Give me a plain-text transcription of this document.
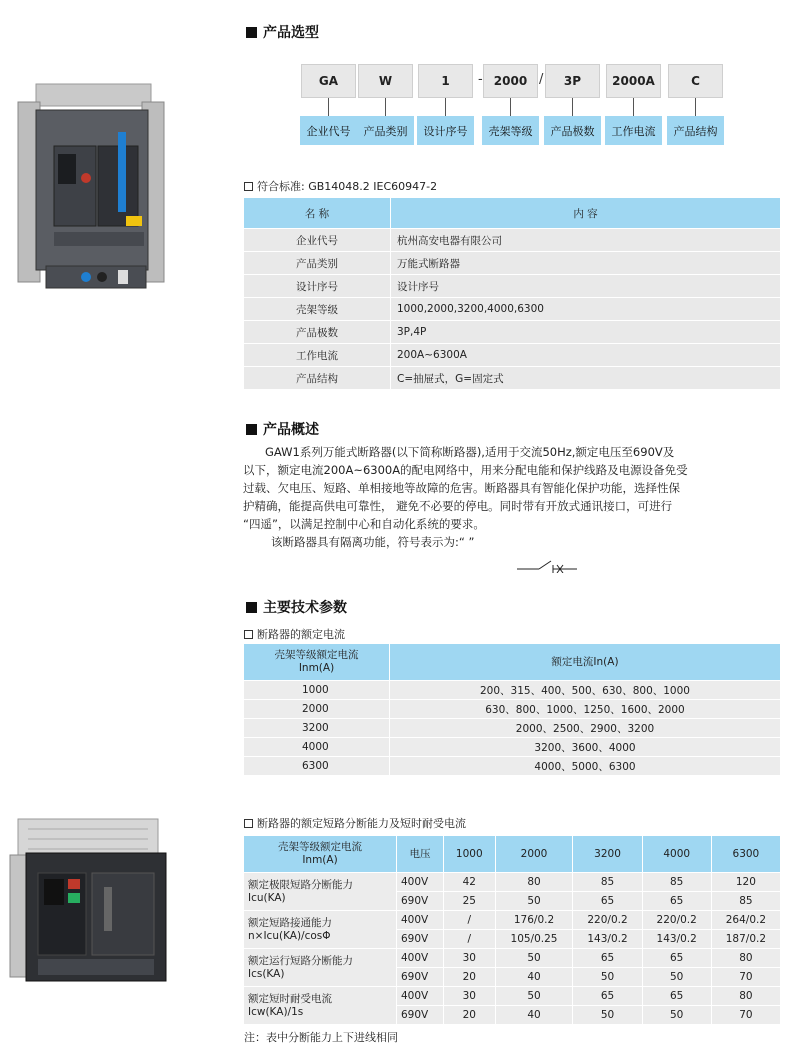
产品选型
GA	W	1	- 2000 /	3P	2000A	C
企业代号	产品类别	设计序号	壳架等级	产品极数	工作电流	产品结构
符合标准: GB14048.2 IEC60947-2
名 称	内 容
企业代号	杭州高安电器有限公司
产品类别	万能式断路器
设计序号	设计序号
壳架等级	1000,2000,3200,4000,6300
产品极数	3P,4P
工作电流	200A~6300A
产品结构	C=抽屉式，G=固定式
产品概述
GAW1系列万能式断路器(以下简称断路器),适用于交流50Hz,额定电压至690V及
以下，额定电流200A~6300A的配电网络中，用来分配电能和保护线路及电源设备免受
过载、欠电压、短路、单相接地等故障的危害。断路器具有智能化保护功能，选择性保
护精确，能提高供电可靠性， 避免不必要的停电。同时带有开放式通讯接口，可进行
“四遥”，以满足控制中心和自动化系统的要求。
该断路器具有隔离功能，符号表示为:“ ”
主要技术参数
断路器的额定电流
壳架等级额定电流
Inm(A)	额定电流In(A)
1000	200、315、400、500、630、800、1000
2000	630、800、1000、1250、1600、2000
3200	2000、2500、2900、3200
4000	3200、3600、4000
6300	4000、5000、6300
断路器的额定短路分断能力及短时耐受电流
壳架等级额定电流
Inm(A)	电压	1000	2000	3200	4000	6300

额定极限短路分断能力
Icu(KA)	400V	42	80	85	85	120
	690V	25	50	65	65	85

额定短路接通能力
n×Icu(KA)/cosΦ	400V	/	176/0.2	220/0.2	220/0.2	264/0.2
	690V	/	105/0.25	143/0.2	143/0.2	187/0.2

额定运行短路分断能力
Ics(KA)	400V	30	50	65	65	80
	690V	20	40	50	50	70

额定短时耐受电流
Icw(KA)/1s	400V	30	50	65	65	80
	690V	20	40	50	50	70
注：表中分断能力上下进线相同
